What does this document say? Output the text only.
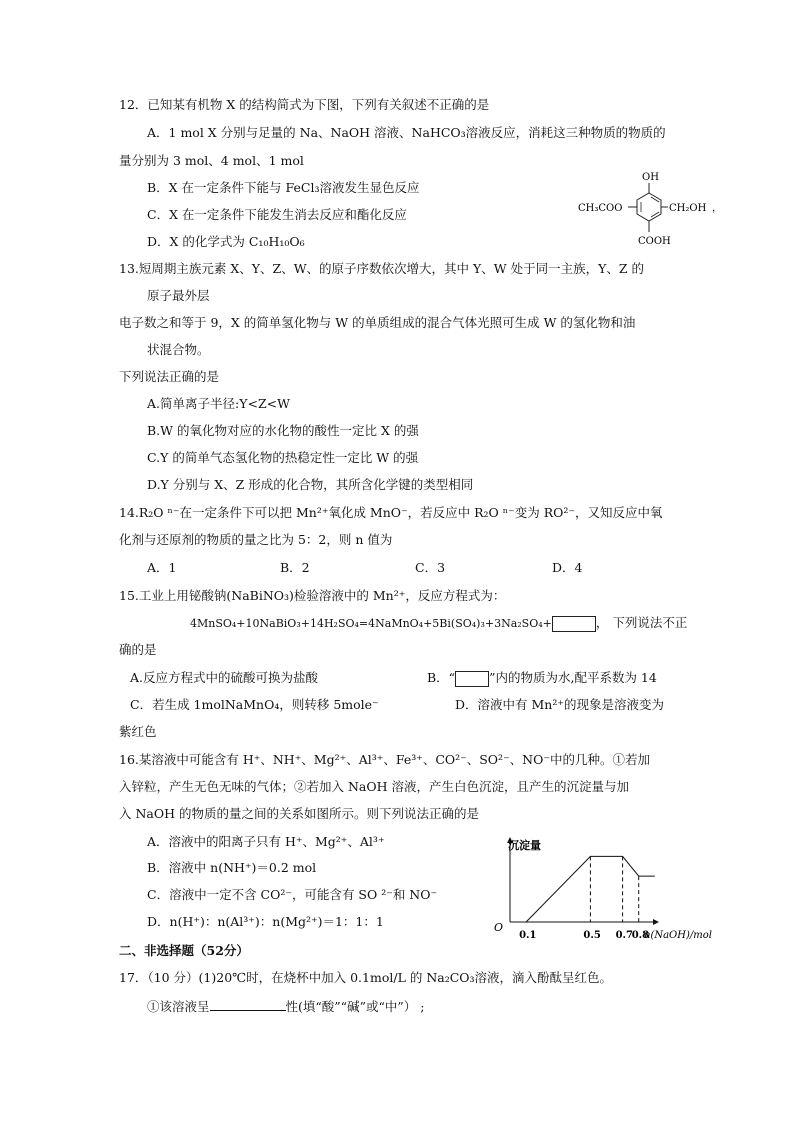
12．已知某有机物 X 的结构简式为下图，下列有关叙述不正确的是
A．1 mol X 分别与足量的 Na、NaOH 溶液、NaHCO₃溶液反应，消耗这三种物质的物质的
量分别为 3 mol、4 mol、1 mol
B．X 在一定条件下能与 FeCl₃溶液发生显色反应
C．X 在一定条件下能发生消去反应和酯化反应
D．X 的化学式为 C₁₀H₁₀O₆
OH
CH₃COO	CH₂OH ，
COOH
13.短周期主族元素 X、Y、Z、W、的原子序数依次增大，其中 Y、W 处于同一主族，Y、Z 的
原子最外层
电子数之和等于 9，X 的简单氢化物与 W 的单质组成的混合气体光照可生成 W 的氢化物和油
状混合物。
下列说法正确的是
A.简单离子半径:Y<Z<W
B.W 的氧化物对应的水化物的酸性一定比 X 的强
C.Y 的简单气态氢化物的热稳定性一定比 W 的强
D.Y 分别与 X、Z 形成的化合物，其所含化学键的类型相同
14.R₂O ⁿ⁻在一定条件下可以把 Mn²⁺氧化成 MnO⁻，若反应中 R₂O ⁿ⁻变为 RO²⁻，又知反应中氧
化剂与还原剂的物质的量之比为 5：2，则 n 值为
A．1	B．2	C．3	D．4
15.工业上用铋酸钠(NaBiNO₃)检验溶液中的 Mn²⁺，反应方程式为：
4MnSO₄+10NaBiO₃+14H₂SO₄=4NaMnO₄+5Bi(SO₄)₃+3Na₂SO₄+	， 下列说法不正
确的是
A.反应方程式中的硫酸可换为盐酸	B．“	”内的物质为水,配平系数为 14
C．若生成 1molNaMnO₄，则转移 5mole⁻	D．溶液中有 Mn²⁺的现象是溶液变为
紫红色
16.某溶液中可能含有 H⁺、NH⁺、Mg²⁺、Al³⁺、Fe³⁺、CO²⁻、SO²⁻、NO⁻中的几种。①若加
入锌粒，产生无色无味的气体；②若加入 NaOH 溶液，产生白色沉淀，且产生的沉淀量与加
入 NaOH 的物质的量之间的关系如图所示。则下列说法正确的是
A．溶液中的阳离子只有 H⁺、Mg²⁺、Al³⁺
B．溶液中 n(NH⁺)＝0.2 mol
C．溶液中一定不含 CO²⁻，可能含有 SO ²⁻和 NO⁻
D．n(H⁺)：n(Al³⁺)：n(Mg²⁺)＝1：1：1
沉淀量
O
n(NaOH)/mol
0.1	0.5 0.7
0.8
二、非选择题（52分）
17．（10 分）(1)20℃时，在烧杯中加入 0.1mol/L 的 Na₂CO₃溶液，滴入酚酞呈红色。
①该溶液呈	性(填“酸”“碱”或“中”） ;
